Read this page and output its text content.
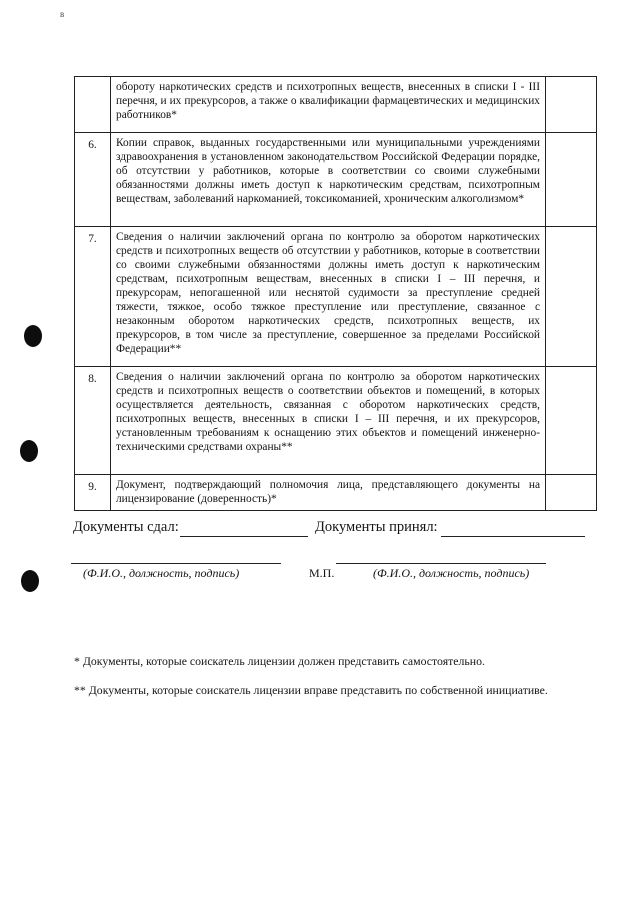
в
	обороту наркотических средств и психотропных веществ, внесенных в списки I - III перечня, и их прекурсоров, а также о квалификации фармацевтических и медицинских работников*	
6.	Копии справок, выданных государственными или муниципальными учреждениями здравоохранения в установленном законодательством Российской Федерации порядке, об отсутствии у работников, которые в соответствии со своими служебными обязанностями должны иметь доступ к наркотическим средствам, психотропным веществам, заболеваний наркоманией, токсикоманией, хроническим алкоголизмом*	
7.	Сведения о наличии заключений органа по контролю за оборотом наркотических средств и психотропных веществ об отсутствии у работников, которые в соответствии со своими служебными обязанностями должны иметь доступ к наркотическим средствам, психотропным веществам, внесенных в списки I – III перечня, и прекурсорам, непогашенной или неснятой судимости за преступление средней тяжести, тяжкое, особо тяжкое преступление или преступление, связанное с незаконным оборотом наркотических средств, психотропных веществ, их прекурсоров, в том числе за преступление, совершенное за пределами Российской Федерации**	
8.	Сведения о наличии заключений органа по контролю за оборотом наркотических средств и психотропных веществ о соответствии объектов и помещений, в которых осуществляется деятельность, связанная с оборотом наркотических средств, психотропных веществ, внесенных в списки I – III перечня, и их прекурсоров, установленным требованиям к оснащению этих объектов и помещений инженерно-техническими средствами охраны**	
9.	Документ, подтверждающий полномочия лица, представляющего документы на лицензирование (доверенность)*	
Документы сдал:	Документы принял:
(Ф.И.О., должность, подпись)	М.П.	(Ф.И.О., должность, подпись)
* Документы, которые соискатель лицензии должен представить самостоятельно.
** Документы, которые соискатель лицензии вправе представить по собственной инициативе.
